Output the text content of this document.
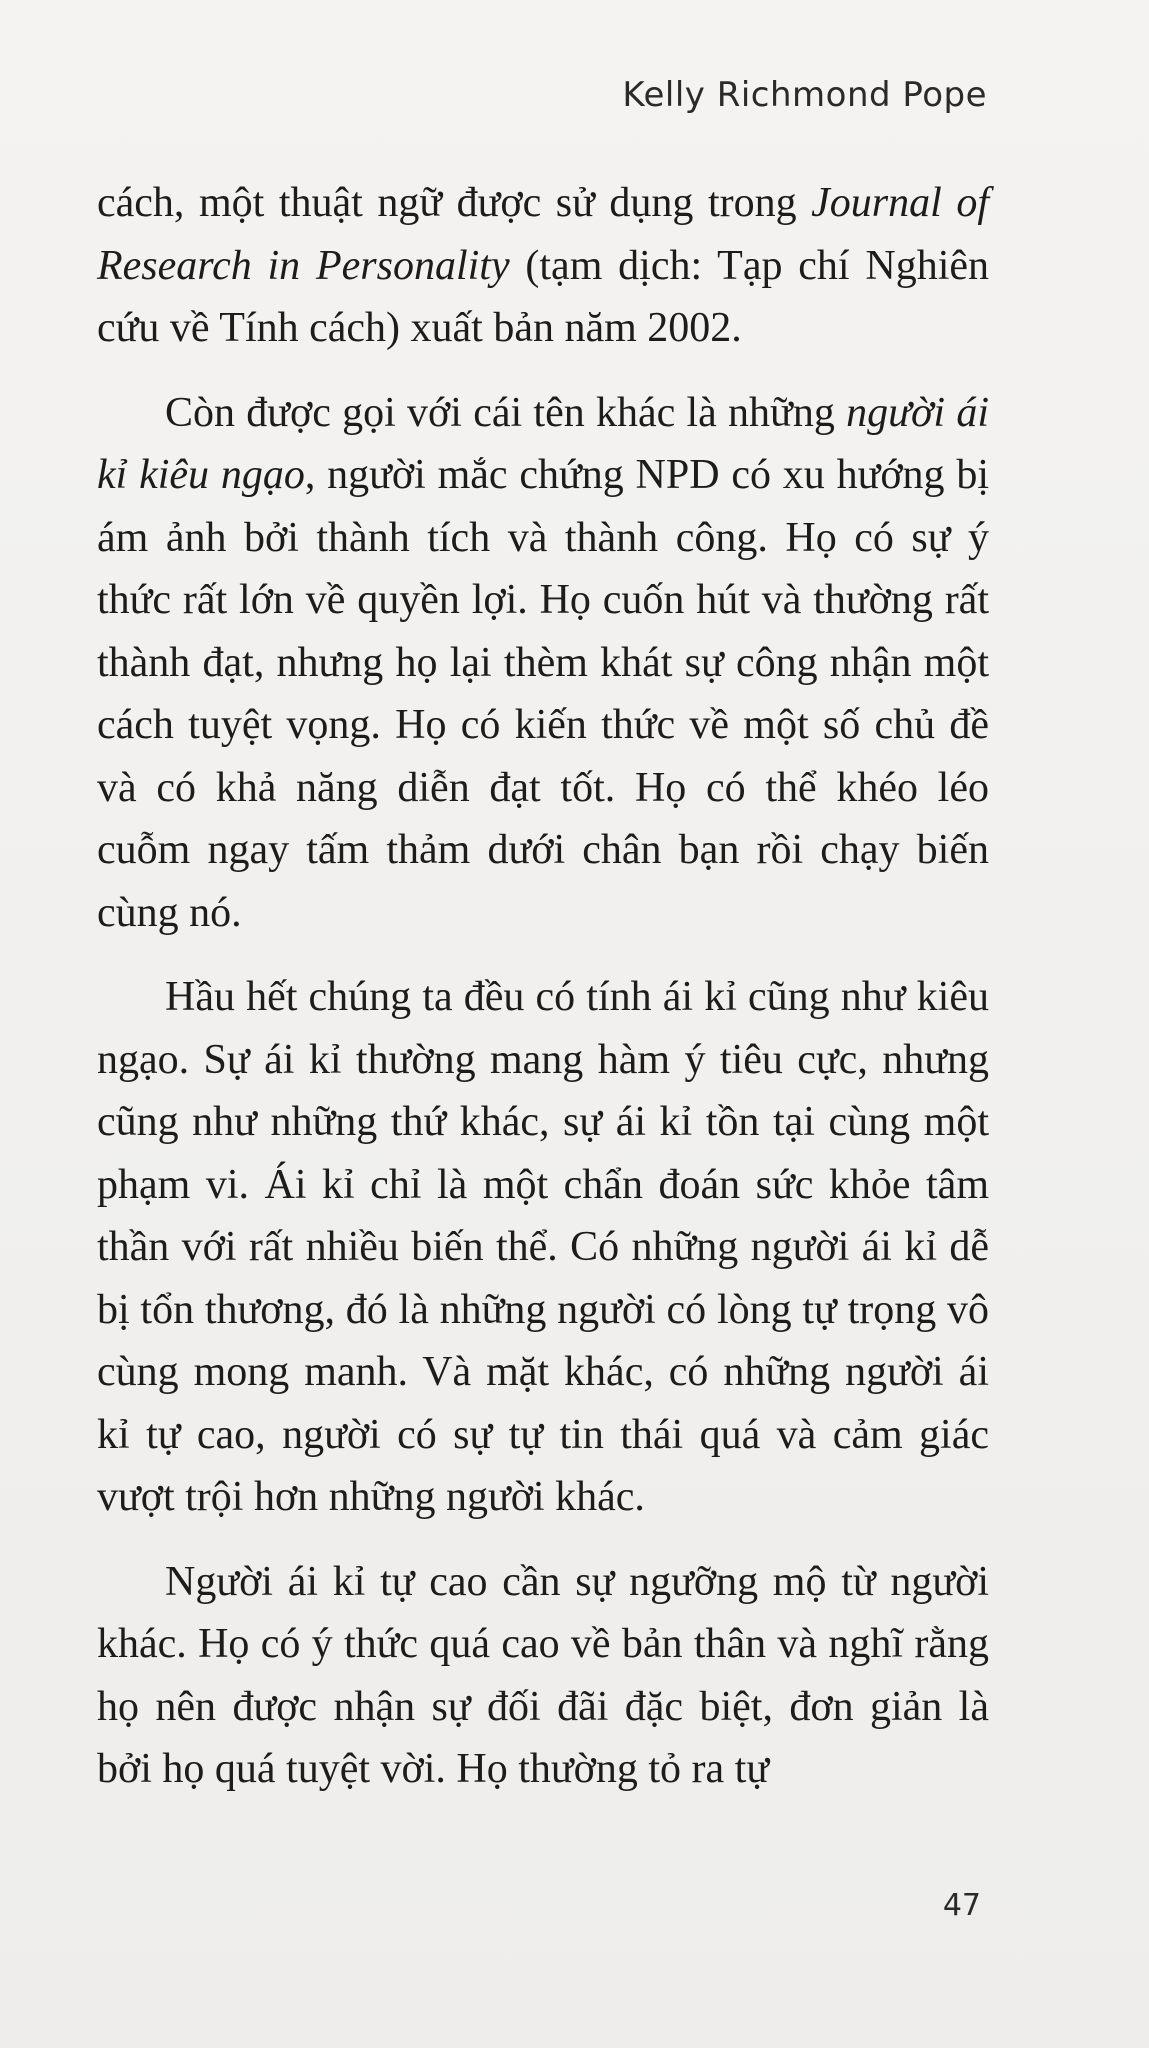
Kelly Richmond Pope

cách, một thuật ngữ được sử dụng trong Journal of Research in Personality (tạm dịch: Tạp chí Nghiên cứu về Tính cách) xuất bản năm 2002.

Còn được gọi với cái tên khác là những người ái kỉ kiêu ngạo, người mắc chứng NPD có xu hướng bị ám ảnh bởi thành tích và thành công. Họ có sự ý thức rất lớn về quyền lợi. Họ cuốn hút và thường rất thành đạt, nhưng họ lại thèm khát sự công nhận một cách tuyệt vọng. Họ có kiến thức về một số chủ đề và có khả năng diễn đạt tốt. Họ có thể khéo léo cuỗm ngay tấm thảm dưới chân bạn rồi chạy biến cùng nó.

Hầu hết chúng ta đều có tính ái kỉ cũng như kiêu ngạo. Sự ái kỉ thường mang hàm ý tiêu cực, nhưng cũng như những thứ khác, sự ái kỉ tồn tại cùng một phạm vi. Ái kỉ chỉ là một chẩn đoán sức khỏe tâm thần với rất nhiều biến thể. Có những người ái kỉ dễ bị tổn thương, đó là những người có lòng tự trọng vô cùng mong manh. Và mặt khác, có những người ái kỉ tự cao, người có sự tự tin thái quá và cảm giác vượt trội hơn những người khác.

Người ái kỉ tự cao cần sự ngưỡng mộ từ người khác. Họ có ý thức quá cao về bản thân và nghĩ rằng họ nên được nhận sự đối đãi đặc biệt, đơn giản là bởi họ quá tuyệt vời. Họ thường tỏ ra tự

47
